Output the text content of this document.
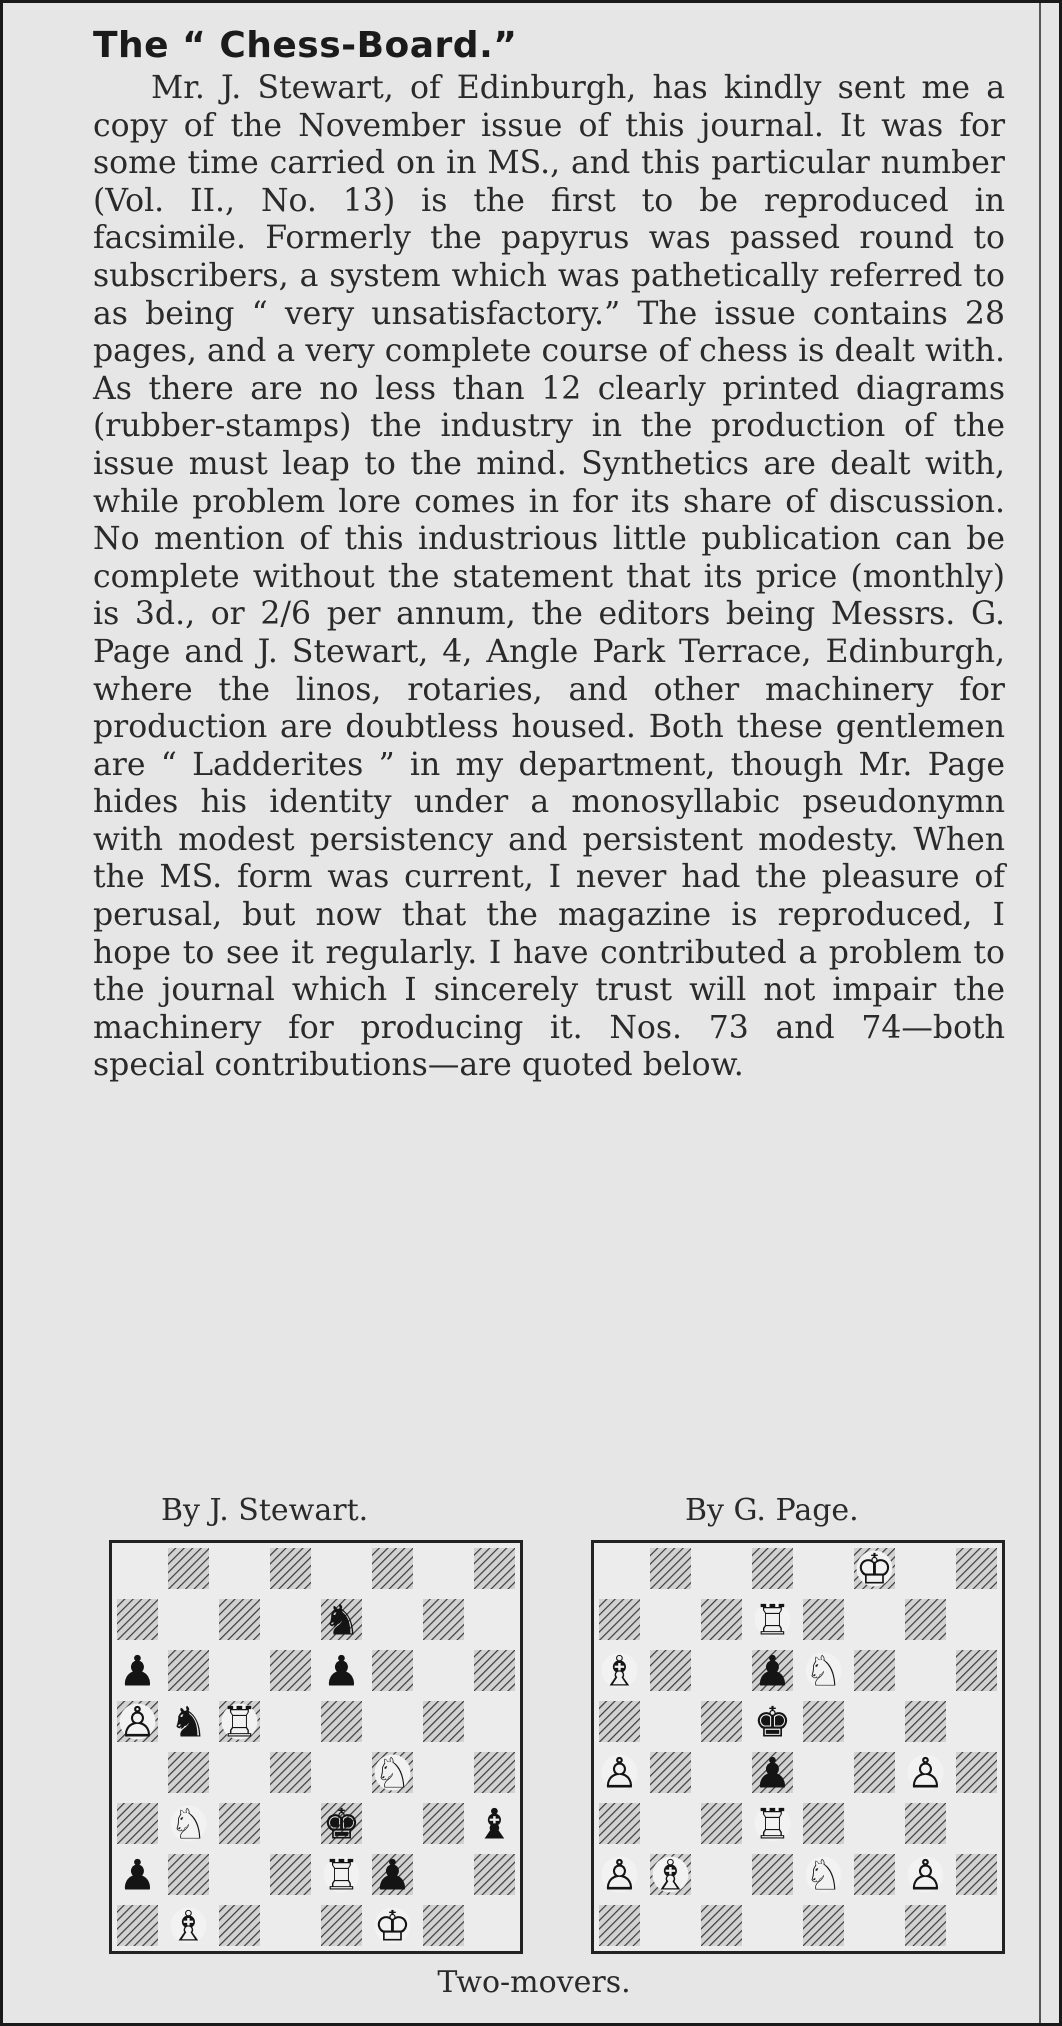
The “ Chess-Board.”

Mr. J. Stewart, of Edinburgh, has kindly sent me a copy of the November issue of this journal. It was for some time carried on in MS., and this particular number (Vol. II., No. 13) is the first to be reproduced in facsimile. Formerly the papyrus was passed round to subscribers, a system which was pathetically referred to as being “ very unsatisfactory.” The issue contains 28 pages, and a very complete course of chess is dealt with. As there are no less than 12 clearly printed diagrams (rubber-stamps) the industry in the production of the issue must leap to the mind. Synthetics are dealt with, while problem lore comes in for its share of discussion. No mention of this industrious little publication can be complete without the statement that its price (monthly) is 3d., or 2/6 per annum, the editors being Messrs. G. Page and J. Stewart, 4, Angle Park Terrace, Edinburgh, where the linos, rotaries, and other machinery for production are doubtless housed. Both these gentlemen are “ Ladderites ” in my department, though Mr. Page hides his identity under a monosyllabic pseudonymn with modest persistency and persistent modesty. When the MS. form was current, I never had the pleasure of perusal, but now that the magazine is reproduced, I hope to see it regularly. I have contributed a problem to the journal which I sincerely trust will not impair the machinery for producing it. Nos. 73 and 74—both special contributions—are quoted below.

By J. Stewart.	By G. Page.
♞
♟	♟
♙ ♞ ♖
♘
♘	♚	♝
♟	♖ ♟
♗	♔
♔
♖
♗	♟ ♘
♚
♙	♟	♙
♖
♙ ♗	♘ ♙
Two-movers.
